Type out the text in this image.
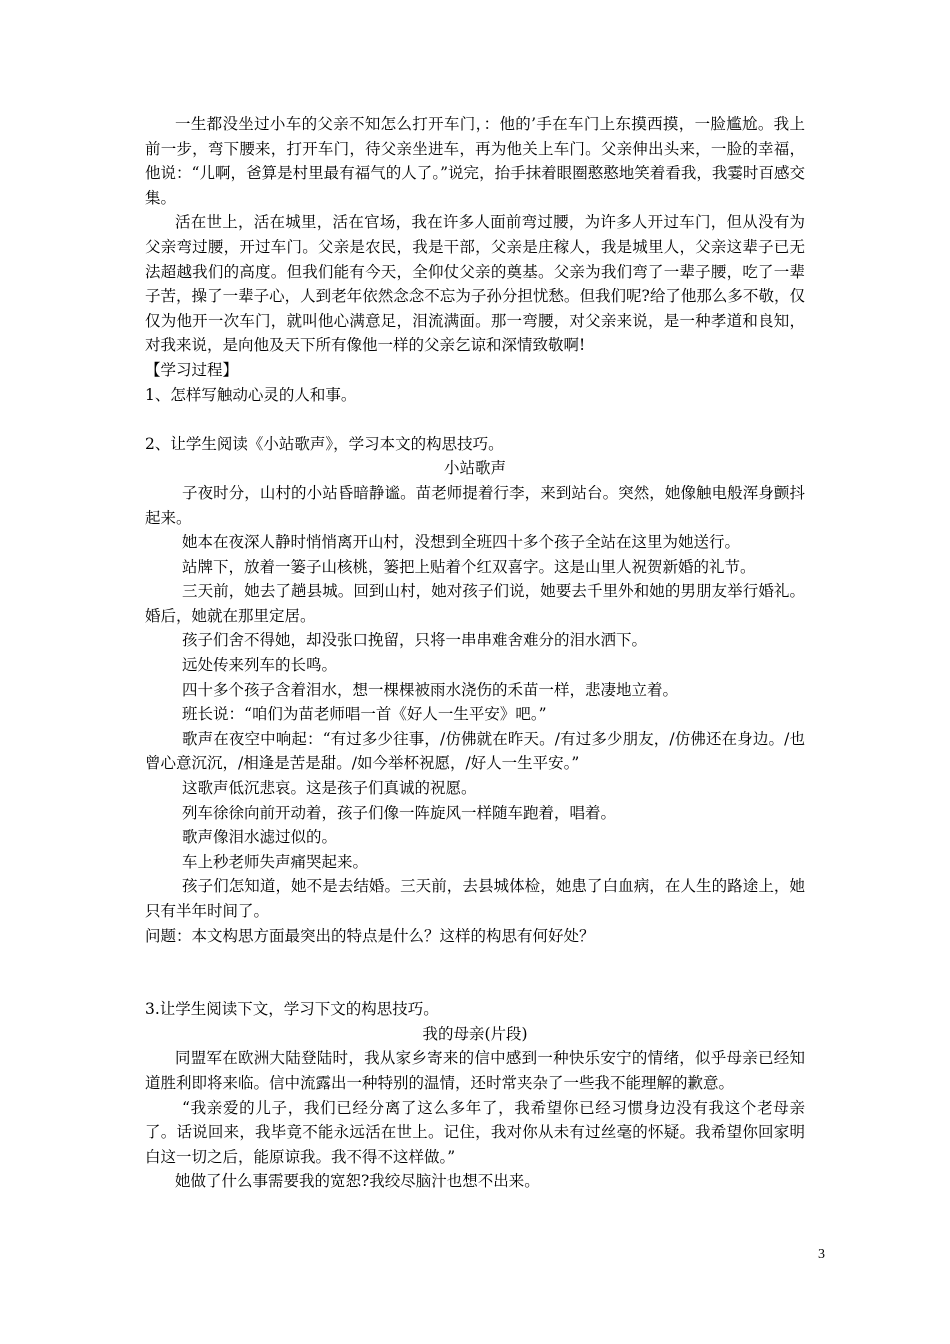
一生都没坐过小车的父亲不知怎么打开车门，：他的’手在车门上东摸西摸，一脸尴尬。我上前一步，弯下腰来，打开车门，待父亲坐进车，再为他关上车门。父亲伸出头来，一脸的幸福，他说：“儿啊，爸算是村里最有福气的人了。”说完，抬手抹着眼圈憨憨地笑着看我，我霎时百感交集。

活在世上，活在城里，活在官场，我在许多人面前弯过腰，为许多人开过车门，但从没有为父亲弯过腰，开过车门。父亲是农民，我是干部，父亲是庄稼人，我是城里人，父亲这辈子已无法超越我们的高度。但我们能有今天，全仰仗父亲的奠基。父亲为我们弯了一辈子腰，吃了一辈子苦，操了一辈子心，人到老年依然念念不忘为子孙分担忧愁。但我们呢?给了他那么多不敬，仅仅为他开一次车门，就叫他心满意足，泪流满面。那一弯腰，对父亲来说，是一种孝道和良知，对我来说，是向他及天下所有像他一样的父亲乞谅和深情致敬啊!

【学习过程】

1、怎样写触动心灵的人和事。

2、让学生阅读《小站歌声》，学习本文的构思技巧。

小站歌声

子夜时分，山村的小站昏暗静谧。苗老师提着行李，来到站台。突然，她像触电般浑身颤抖起来。

她本在夜深人静时悄悄离开山村，没想到全班四十多个孩子全站在这里为她送行。

站牌下，放着一篓子山核桃，篓把上贴着个红双喜字。这是山里人祝贺新婚的礼节。

三天前，她去了趟县城。回到山村，她对孩子们说，她要去千里外和她的男朋友举行婚礼。婚后，她就在那里定居。

孩子们舍不得她，却没张口挽留，只将一串串难舍难分的泪水洒下。

远处传来列车的长鸣。

四十多个孩子含着泪水，想一棵棵被雨水浇伤的禾苗一样，悲凄地立着。

班长说：“咱们为苗老师唱一首《好人一生平安》吧。”

歌声在夜空中响起：“有过多少往事，/仿佛就在昨天。/有过多少朋友，/仿佛还在身边。/也曾心意沉沉，/相逢是苦是甜。/如今举杯祝愿，/好人一生平安。”

这歌声低沉悲哀。这是孩子们真诚的祝愿。

列车徐徐向前开动着，孩子们像一阵旋风一样随车跑着，唱着。

歌声像泪水滤过似的。

车上秒老师失声痛哭起来。

孩子们怎知道，她不是去结婚。三天前，去县城体检，她患了白血病，在人生的路途上，她只有半年时间了。

问题：本文构思方面最突出的特点是什么？这样的构思有何好处？

3.让学生阅读下文，学习下文的构思技巧。

我的母亲(片段)

同盟军在欧洲大陆登陆时，我从家乡寄来的信中感到一种快乐安宁的情绪，似乎母亲已经知道胜利即将来临。信中流露出一种特别的温情，还时常夹杂了一些我不能理解的歉意。

“我亲爱的儿子，我们已经分离了这么多年了，我希望你已经习惯身边没有我这个老母亲了。话说回来，我毕竟不能永远活在世上。记住，我对你从未有过丝毫的怀疑。我希望你回家明白这一切之后，能原谅我。我不得不这样做。”

她做了什么事需要我的宽恕?我绞尽脑汁也想不出来。

3
